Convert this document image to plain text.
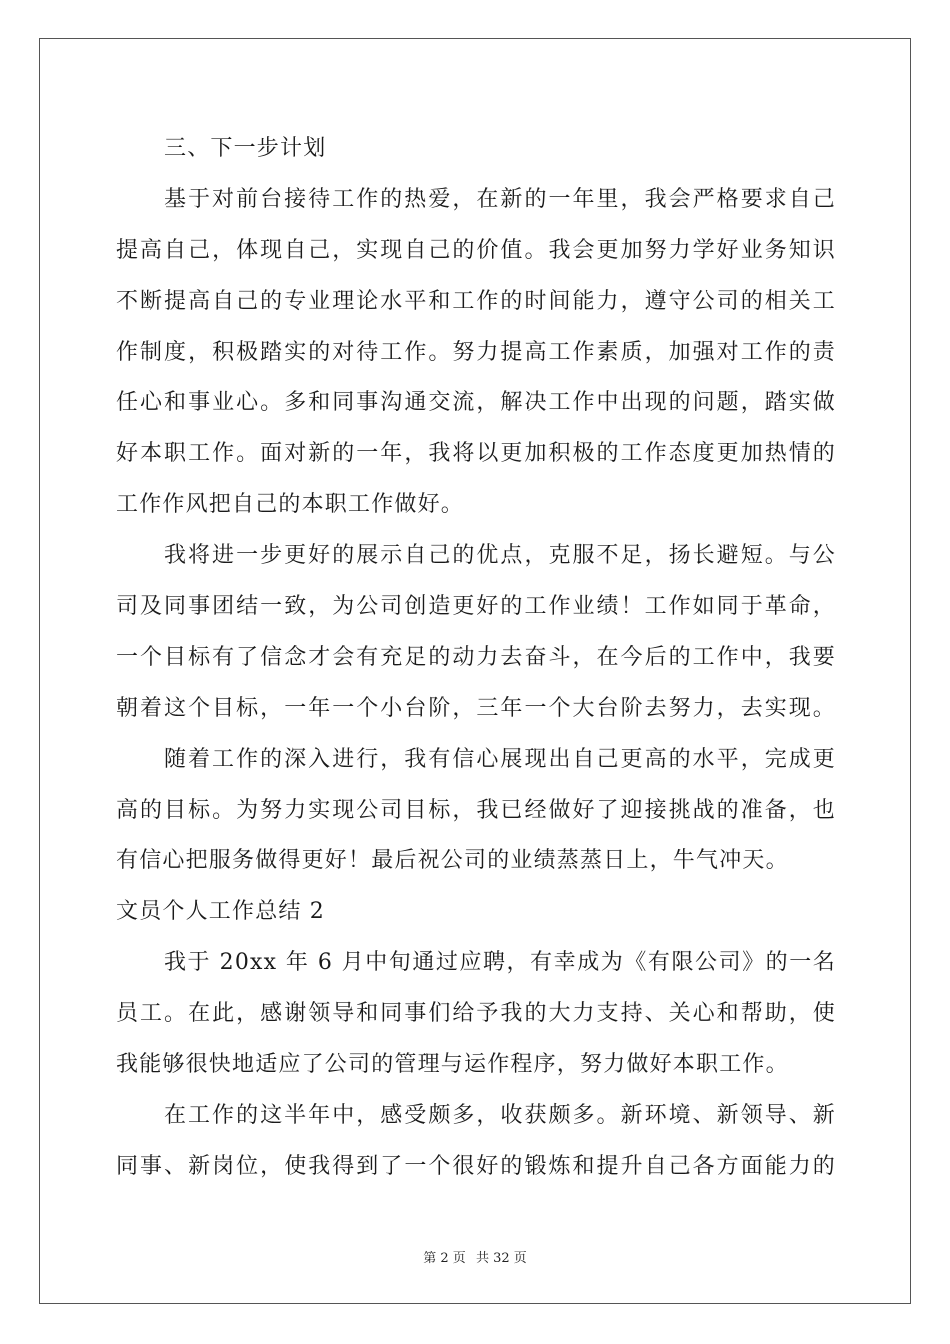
三、下一步计划
基于对前台接待工作的热爱，在新的一年里，我会严格要求自己
提高自己，体现自己，实现自己的价值。我会更加努力学好业务知识
不断提高自己的专业理论水平和工作的时间能力，遵守公司的相关工
作制度，积极踏实的对待工作。努力提高工作素质，加强对工作的责
任心和事业心。多和同事沟通交流，解决工作中出现的问题，踏实做
好本职工作。面对新的一年，我将以更加积极的工作态度更加热情的
工作作风把自己的本职工作做好。
我将进一步更好的展示自己的优点，克服不足，扬长避短。与公
司及同事团结一致，为公司创造更好的工作业绩！工作如同于革命，
一个目标有了信念才会有充足的动力去奋斗，在今后的工作中，我要
朝着这个目标，一年一个小台阶，三年一个大台阶去努力，去实现。
随着工作的深入进行，我有信心展现出自己更高的水平，完成更
高的目标。为努力实现公司目标，我已经做好了迎接挑战的准备，也
有信心把服务做得更好！最后祝公司的业绩蒸蒸日上，牛气冲天。
文员个人工作总结 2
我于 20xx 年 6 月中旬通过应聘，有幸成为《有限公司》的一名
员工。在此，感谢领导和同事们给予我的大力支持、关心和帮助，使
我能够很快地适应了公司的管理与运作程序，努力做好本职工作。
在工作的这半年中，感受颇多，收获颇多。新环境、新领导、新
同事、新岗位，使我得到了一个很好的锻炼和提升自己各方面能力的
第 2 页 共 32 页
